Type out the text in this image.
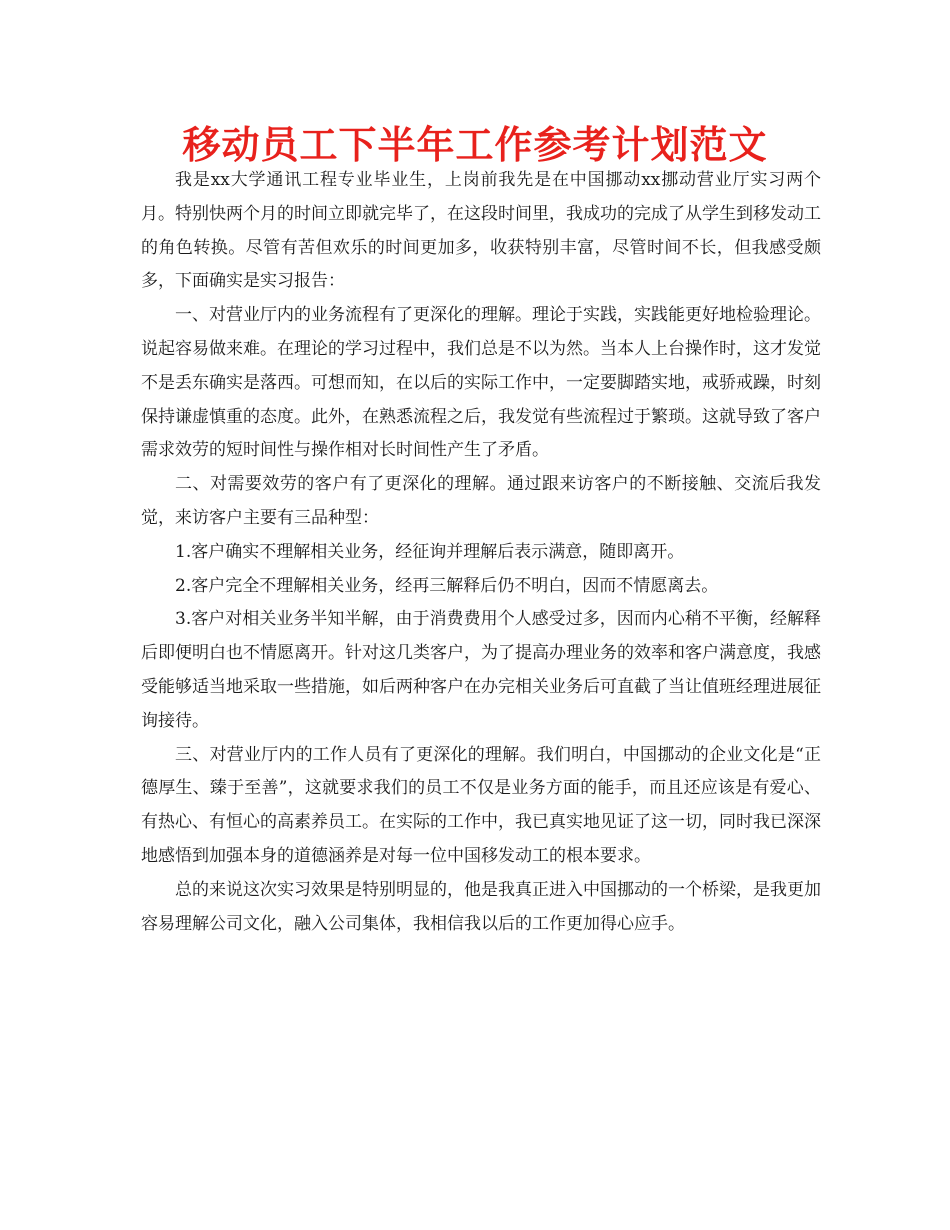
移动员工下半年工作参考计划范文

我是xx大学通讯工程专业毕业生，上岗前我先是在中国挪动xx挪动营业厅实习两个月。特别快两个月的时间立即就完毕了，在这段时间里，我成功的完成了从学生到移发动工的角色转换。尽管有苦但欢乐的时间更加多，收获特别丰富，尽管时间不长，但我感受颇多，下面确实是实习报告：

一、对营业厅内的业务流程有了更深化的理解。理论于实践，实践能更好地检验理论。说起容易做来难。在理论的学习过程中，我们总是不以为然。当本人上台操作时，这才发觉不是丢东确实是落西。可想而知，在以后的实际工作中，一定要脚踏实地，戒骄戒躁，时刻保持谦虚慎重的态度。此外，在熟悉流程之后，我发觉有些流程过于繁琐。这就导致了客户需求效劳的短时间性与操作相对长时间性产生了矛盾。

二、对需要效劳的客户有了更深化的理解。通过跟来访客户的不断接触、交流后我发觉，来访客户主要有三品种型：

1.客户确实不理解相关业务，经征询并理解后表示满意，随即离开。

2.客户完全不理解相关业务，经再三解释后仍不明白，因而不情愿离去。

3.客户对相关业务半知半解，由于消费费用个人感受过多，因而内心稍不平衡，经解释后即便明白也不情愿离开。针对这几类客户，为了提高办理业务的效率和客户满意度，我感受能够适当地采取一些措施，如后两种客户在办完相关业务后可直截了当让值班经理进展征询接待。

三、对营业厅内的工作人员有了更深化的理解。我们明白，中国挪动的企业文化是“正德厚生、臻于至善”，这就要求我们的员工不仅是业务方面的能手，而且还应该是有爱心、有热心、有恒心的高素养员工。在实际的工作中，我已真实地见证了这一切，同时我已深深地感悟到加强本身的道德涵养是对每一位中国移发动工的根本要求。

总的来说这次实习效果是特别明显的，他是我真正进入中国挪动的一个桥梁，是我更加容易理解公司文化，融入公司集体，我相信我以后的工作更加得心应手。
